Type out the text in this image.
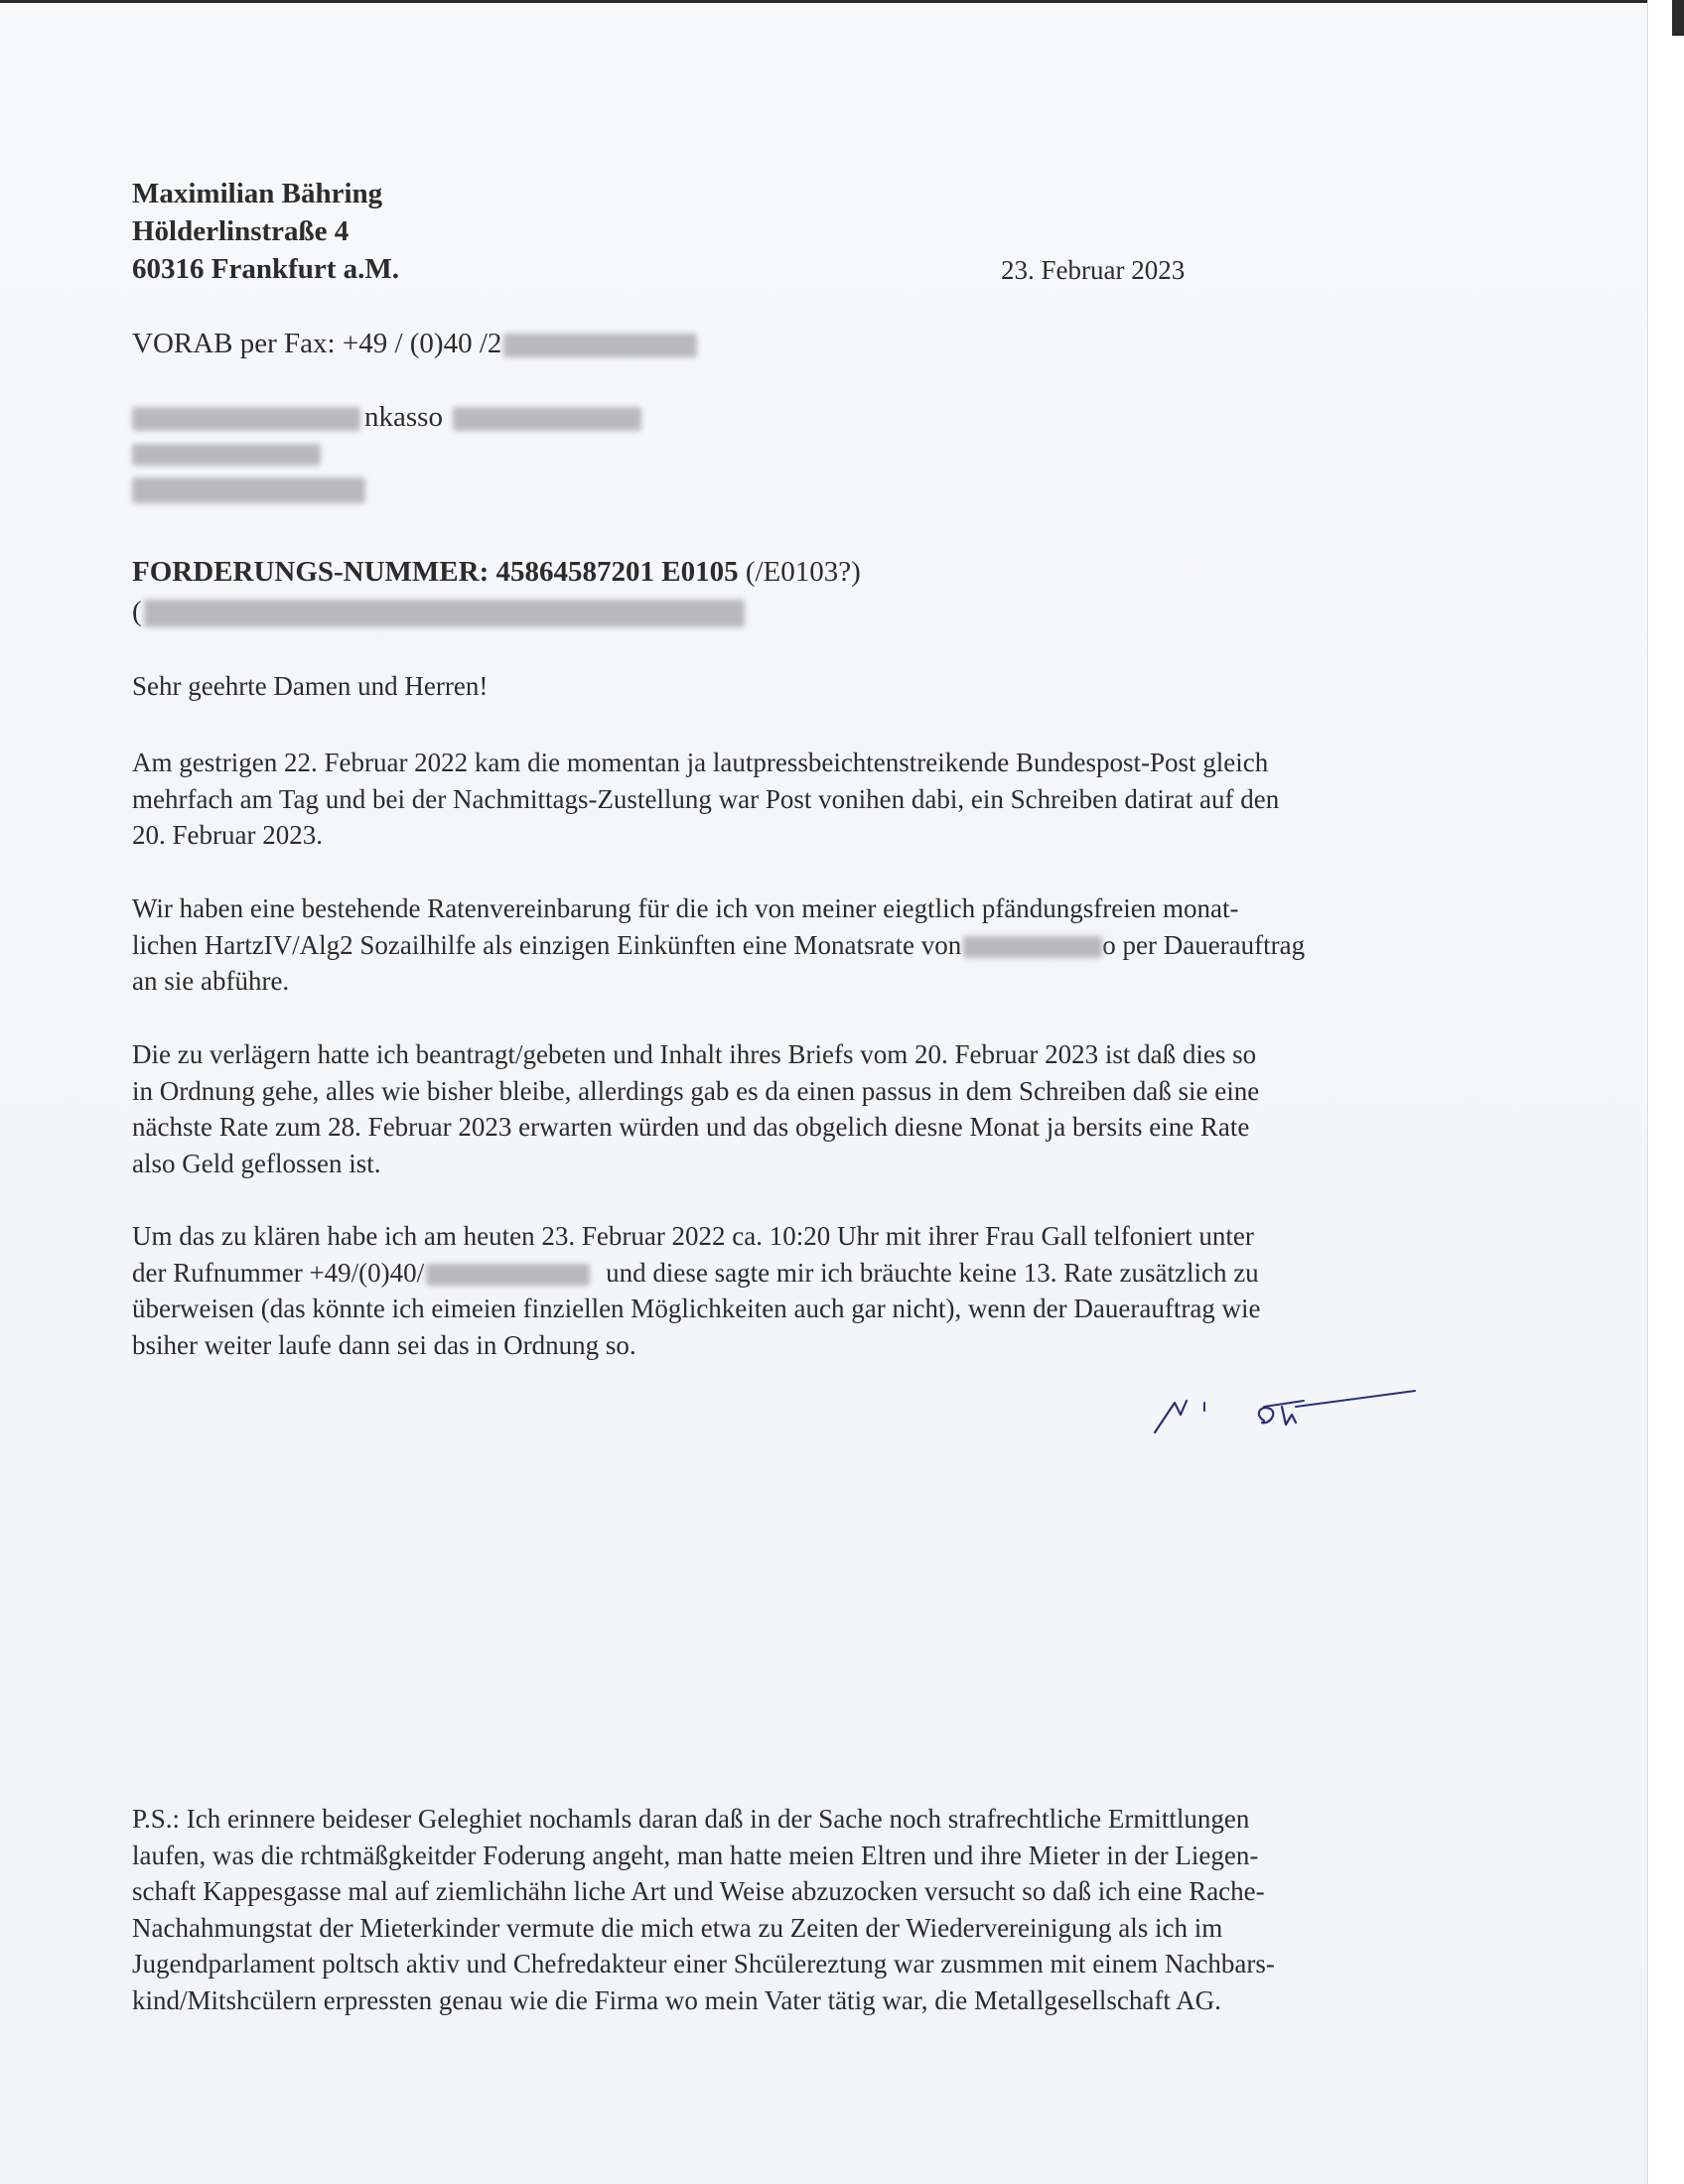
Maximilian Bähring
Hölderlinstraße 4
60316 Frankfurt a.M.	23. Februar 2023
VORAB per Fax: +49 / (0)40 /2
nkasso
FORDERUNGS-NUMMER: 45864587201 E0105 (/E0103?)
(
Sehr geehrte Damen und Herren!
Am gestrigen 22. Februar 2022 kam die momentan ja lautpressbeichtenstreikende Bundespost-Post gleich
mehrfach am Tag und bei der Nachmittags-Zustellung war Post vonihen dabi, ein Schreiben datirat auf den
20. Februar 2023.
Wir haben eine bestehende Ratenvereinbarung für die ich von meiner eiegtlich pfändungsfreien monat-
lichen HartzIV/Alg2 Sozailhilfe als einzigen Einkünften eine Monatsrate von	o per Dauerauftrag
an sie abführe.
Die zu verlägern hatte ich beantragt/gebeten und Inhalt ihres Briefs vom 20. Februar 2023 ist daß dies so
in Ordnung gehe, alles wie bisher bleibe, allerdings gab es da einen passus in dem Schreiben daß sie eine
nächste Rate zum 28. Februar 2023 erwarten würden und das obgelich diesne Monat ja bersits eine Rate
also Geld geflossen ist.
Um das zu klären habe ich am heuten 23. Februar 2022 ca. 10:20 Uhr mit ihrer Frau Gall telfoniert unter
der Rufnummer +49/(0)40/	und diese sagte mir ich bräuchte keine 13. Rate zusätzlich zu
überweisen (das könnte ich eimeien finziellen Möglichkeiten auch gar nicht), wenn der Dauerauftrag wie
bsiher weiter laufe dann sei das in Ordnung so.
P.S.: Ich erinnere beideser Geleghiet nochamls daran daß in der Sache noch strafrechtliche Ermittlungen
laufen, was die rchtmäßgkeitder Foderung angeht, man hatte meien Eltren und ihre Mieter in der Liegen-
schaft Kappesgasse mal auf ziemlichähn liche Art und Weise abzuzocken versucht so daß ich eine Rache-
Nachahmungstat der Mieterkinder vermute die mich etwa zu Zeiten der Wiedervereinigung als ich im
Jugendparlament poltsch aktiv und Chefredakteur einer Shcülereztung war zusmmen mit einem Nachbars-
kind/Mitshcülern erpressten genau wie die Firma wo mein Vater tätig war, die Metallgesellschaft AG.
